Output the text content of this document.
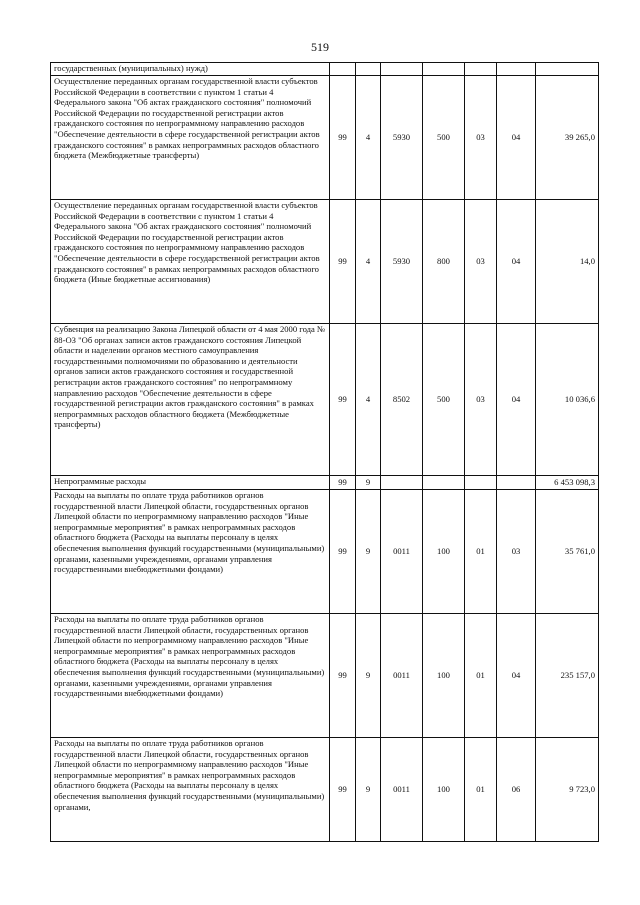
519
государственных (муниципальных) нужд)							
Осуществление переданных органам государственной власти субъектов Российской Федерации в соответствии с пунктом 1 статьи 4 Федерального закона "Об актах гражданского состояния" полномочий Российской Федерации по государственной регистрации актов гражданского состояния по непрограммному направлению расходов "Обеспечение деятельности в сфере государственной регистрации актов гражданского состояния" в рамках непрограммных расходов областного бюджета (Межбюджетные трансферты)	99	4	5930	500	03	04	39 265,0
Осуществление переданных органам государственной власти субъектов Российской Федерации в соответствии с пунктом 1 статьи 4 Федерального закона "Об актах гражданского состояния" полномочий Российской Федерации по государственной регистрации актов гражданского состояния по непрограммному направлению расходов "Обеспечение деятельности в сфере государственной регистрации актов гражданского состояния" в рамках непрограммных расходов областного бюджета (Иные бюджетные ассигнования)	99	4	5930	800	03	04	14,0
Субвенция на реализацию Закона Липецкой области от 4 мая 2000 года № 88-ОЗ "Об органах записи актов гражданского состояния Липецкой области и наделении органов местного самоуправления государственными полномочиями по образованию и деятельности органов записи актов гражданского состояния и государственной регистрации актов гражданского состояния" по непрограммному направлению расходов "Обеспечение деятельности в сфере государственной регистрации актов гражданского состояния" в рамках непрограммных расходов областного бюджета (Межбюджетные трансферты)	99	4	8502	500	03	04	10 036,6
Непрограммные расходы	99	9					6 453 098,3
Расходы на выплаты по оплате труда работников органов государственной власти Липецкой области, государственных органов Липецкой области по непрограммному направлению расходов "Иные непрограммные мероприятия" в рамках непрограммных расходов областного бюджета (Расходы на выплаты персоналу в целях обеспечения выполнения функций государственными (муниципальными) органами, казенными учреждениями, органами управления государственными внебюджетными фондами)	99	9	0011	100	01	03	35 761,0
Расходы на выплаты по оплате труда работников органов государственной власти Липецкой области, государственных органов Липецкой области по непрограммному направлению расходов "Иные непрограммные мероприятия" в рамках непрограммных расходов областного бюджета (Расходы на выплаты персоналу в целях обеспечения выполнения функций государственными (муниципальными) органами, казенными учреждениями, органами управления государственными внебюджетными фондами)	99	9	0011	100	01	04	235 157,0
Расходы на выплаты по оплате труда работников органов государственной власти Липецкой области, государственных органов Липецкой области по непрограммному направлению расходов "Иные непрограммные мероприятия" в рамках непрограммных расходов областного бюджета (Расходы на выплаты персоналу в целях обеспечения выполнения функций государственными (муниципальными) органами,	99	9	0011	100	01	06	9 723,0
